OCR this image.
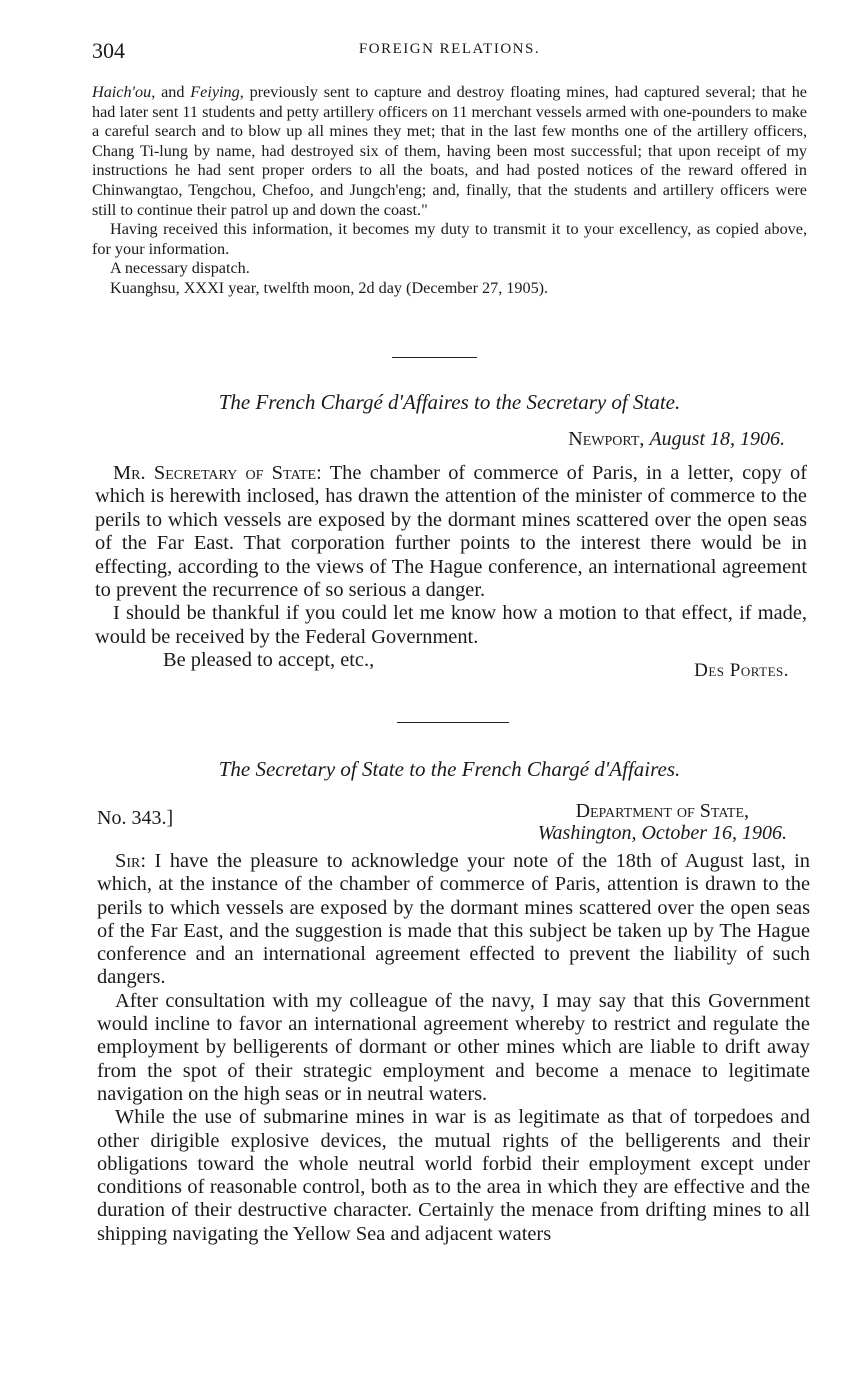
304	FOREIGN RELATIONS.

Haich'ou, and Feiying, previously sent to capture and destroy floating mines, had captured several; that he had later sent 11 students and petty artillery officers on 11 merchant vessels armed with one-pounders to make a careful search and to blow up all mines they met; that in the last few months one of the artillery officers, Chang Ti-lung by name, had destroyed six of them, having been most successful; that upon receipt of my instructions he had sent proper orders to all the boats, and had posted notices of the reward offered in Chinwangtao, Tengchou, Chefoo, and Jungch'eng; and, finally, that the students and artillery officers were still to continue their patrol up and down the coast."

Having received this information, it becomes my duty to transmit it to your excellency, as copied above, for your information.

A necessary dispatch.

Kuanghsu, XXXI year, twelfth moon, 2d day (December 27, 1905).

The French Chargé d'Affaires to the Secretary of State.
Newport, August 18, 1906.

Mr. Secretary of State: The chamber of commerce of Paris, in a letter, copy of which is herewith inclosed, has drawn the attention of the minister of commerce to the perils to which vessels are exposed by the dormant mines scattered over the open seas of the Far East. That corporation further points to the interest there would be in effecting, according to the views of The Hague conference, an international agreement to prevent the recurrence of so serious a danger.

I should be thankful if you could let me know how a motion to that effect, if made, would be received by the Federal Government.

Be pleased to accept, etc.,	Des Portes.
The Secretary of State to the French Chargé d'Affaires.
No. 343.]	Department of State,
Washington, October 16, 1906.

Sir: I have the pleasure to acknowledge your note of the 18th of August last, in which, at the instance of the chamber of commerce of Paris, attention is drawn to the perils to which vessels are exposed by the dormant mines scattered over the open seas of the Far East, and the suggestion is made that this subject be taken up by The Hague conference and an international agreement effected to prevent the liability of such dangers.

After consultation with my colleague of the navy, I may say that this Government would incline to favor an international agreement whereby to restrict and regulate the employment by belligerents of dormant or other mines which are liable to drift away from the spot of their strategic employment and become a menace to legitimate navigation on the high seas or in neutral waters.

While the use of submarine mines in war is as legitimate as that of torpedoes and other dirigible explosive devices, the mutual rights of the belligerents and their obligations toward the whole neutral world forbid their employment except under conditions of reasonable control, both as to the area in which they are effective and the duration of their destructive character. Certainly the menace from drifting mines to all shipping navigating the Yellow Sea and adjacent waters
